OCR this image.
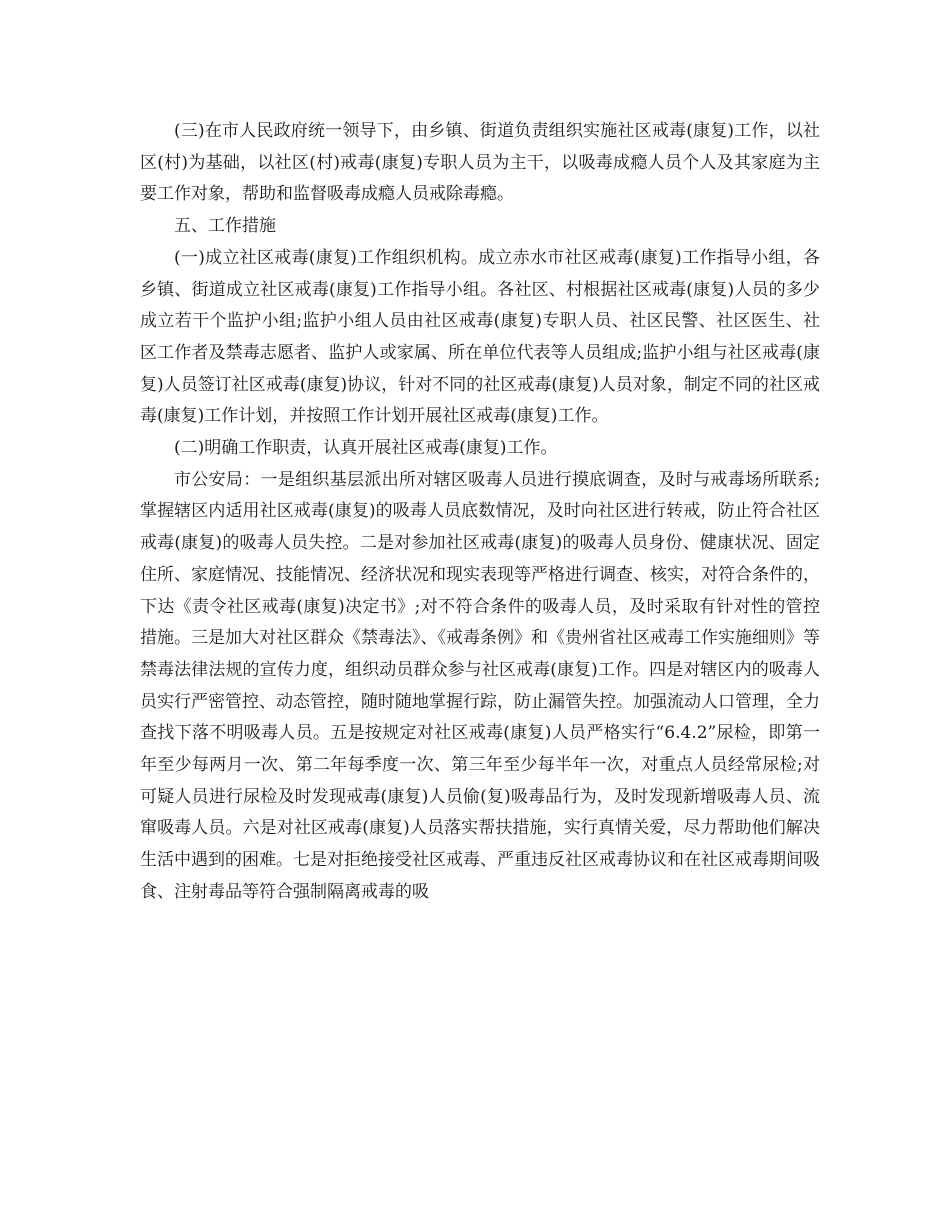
(三)在市人民政府统一领导下，由乡镇、街道负责组织实施社区戒毒(康复)工作，以社区(村)为基础，以社区(村)戒毒(康复)专职人员为主干，以吸毒成瘾人员个人及其家庭为主要工作对象，帮助和监督吸毒成瘾人员戒除毒瘾。

五、工作措施

(一)成立社区戒毒(康复)工作组织机构。成立赤水市社区戒毒(康复)工作指导小组，各乡镇、街道成立社区戒毒(康复)工作指导小组。各社区、村根据社区戒毒(康复)人员的多少成立若干个监护小组;监护小组人员由社区戒毒(康复)专职人员、社区民警、社区医生、社区工作者及禁毒志愿者、监护人或家属、所在单位代表等人员组成;监护小组与社区戒毒(康复)人员签订社区戒毒(康复)协议，针对不同的社区戒毒(康复)人员对象，制定不同的社区戒毒(康复)工作计划，并按照工作计划开展社区戒毒(康复)工作。

(二)明确工作职责，认真开展社区戒毒(康复)工作。

市公安局：一是组织基层派出所对辖区吸毒人员进行摸底调查，及时与戒毒场所联系;掌握辖区内适用社区戒毒(康复)的吸毒人员底数情况，及时向社区进行转戒，防止符合社区戒毒(康复)的吸毒人员失控。二是对参加社区戒毒(康复)的吸毒人员身份、健康状况、固定住所、家庭情况、技能情况、经济状况和现实表现等严格进行调查、核实，对符合条件的，下达《责令社区戒毒(康复)决定书》;对不符合条件的吸毒人员，及时采取有针对性的管控措施。三是加大对社区群众《禁毒法》、《戒毒条例》和《贵州省社区戒毒工作实施细则》等禁毒法律法规的宣传力度，组织动员群众参与社区戒毒(康复)工作。四是对辖区内的吸毒人员实行严密管控、动态管控，随时随地掌握行踪，防止漏管失控。加强流动人口管理，全力查找下落不明吸毒人员。五是按规定对社区戒毒(康复)人员严格实行“6.4.2”尿检，即第一年至少每两月一次、第二年每季度一次、第三年至少每半年一次，对重点人员经常尿检;对可疑人员进行尿检及时发现戒毒(康复)人员偷(复)吸毒品行为，及时发现新增吸毒人员、流窜吸毒人员。六是对社区戒毒(康复)人员落实帮扶措施，实行真情关爱，尽力帮助他们解决生活中遇到的困难。七是对拒绝接受社区戒毒、严重违反社区戒毒协议和在社区戒毒期间吸食、注射毒品等符合强制隔离戒毒的吸
